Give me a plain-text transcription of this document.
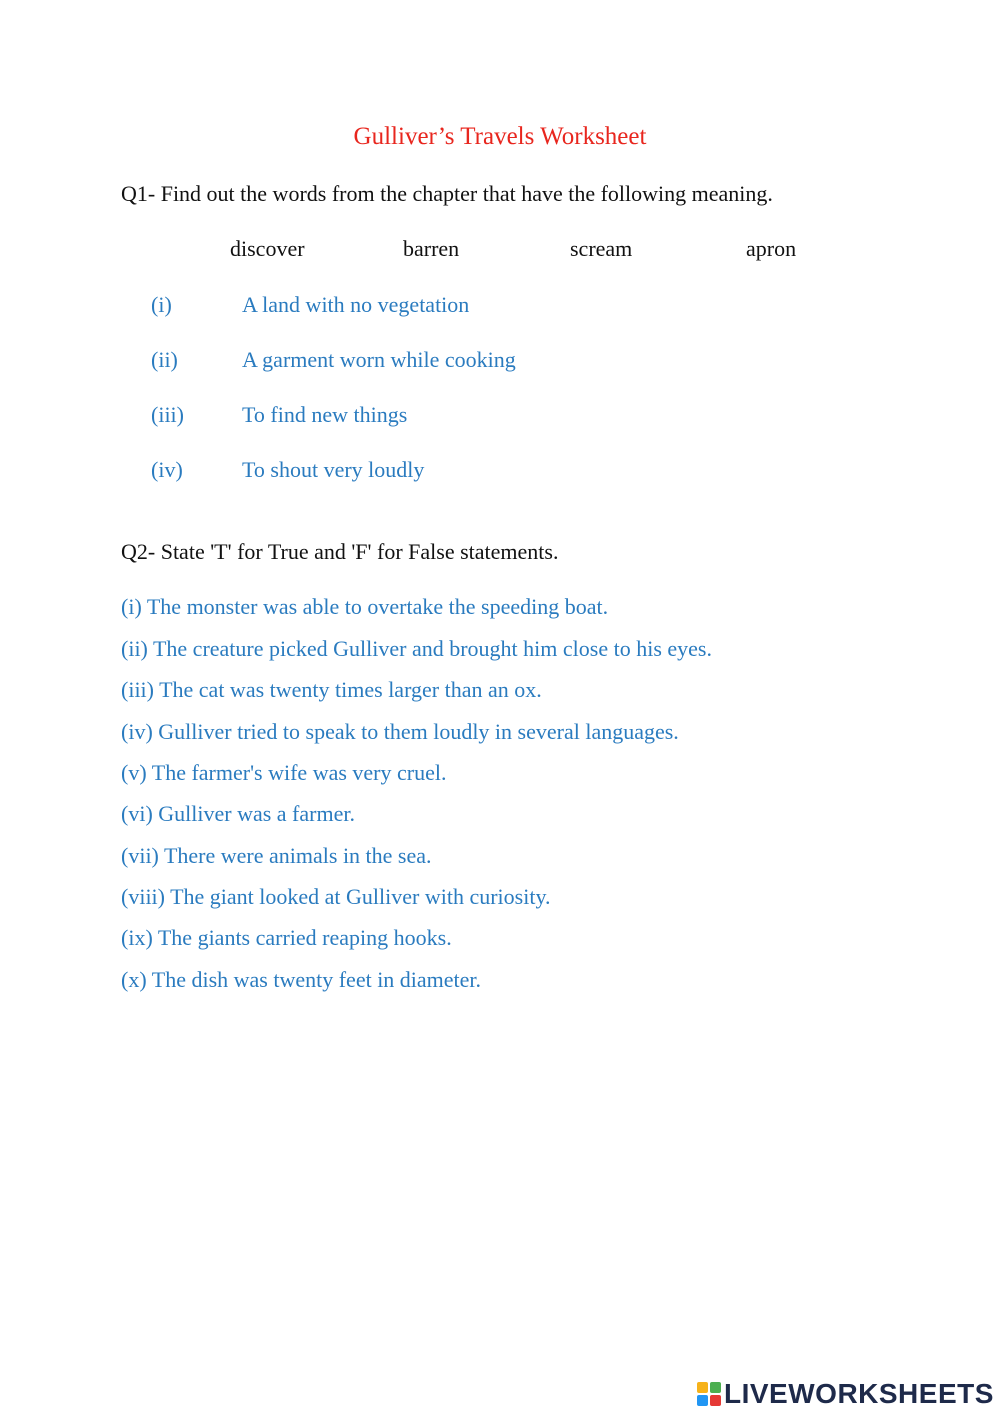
Gulliver’s Travels Worksheet
Q1- Find out the words from the chapter that have the following meaning.
discover	barren	scream	apron
(i)	A land with no vegetation
(ii)	A garment worn while cooking
(iii)	To find new things
(iv)	To shout very loudly
Q2- State 'T' for True and 'F' for False statements.
(i) The monster was able to overtake the speeding boat.
(ii) The creature picked Gulliver and brought him close to his eyes.
(iii) The cat was twenty times larger than an ox.
(iv) Gulliver tried to speak to them loudly in several languages.
(v) The farmer's wife was very cruel.
(vi) Gulliver was a farmer.
(vii) There were animals in the sea.
(viii) The giant looked at Gulliver with curiosity.
(ix) The giants carried reaping hooks.
(x) The dish was twenty feet in diameter.
LIVEWORKSHEETS
